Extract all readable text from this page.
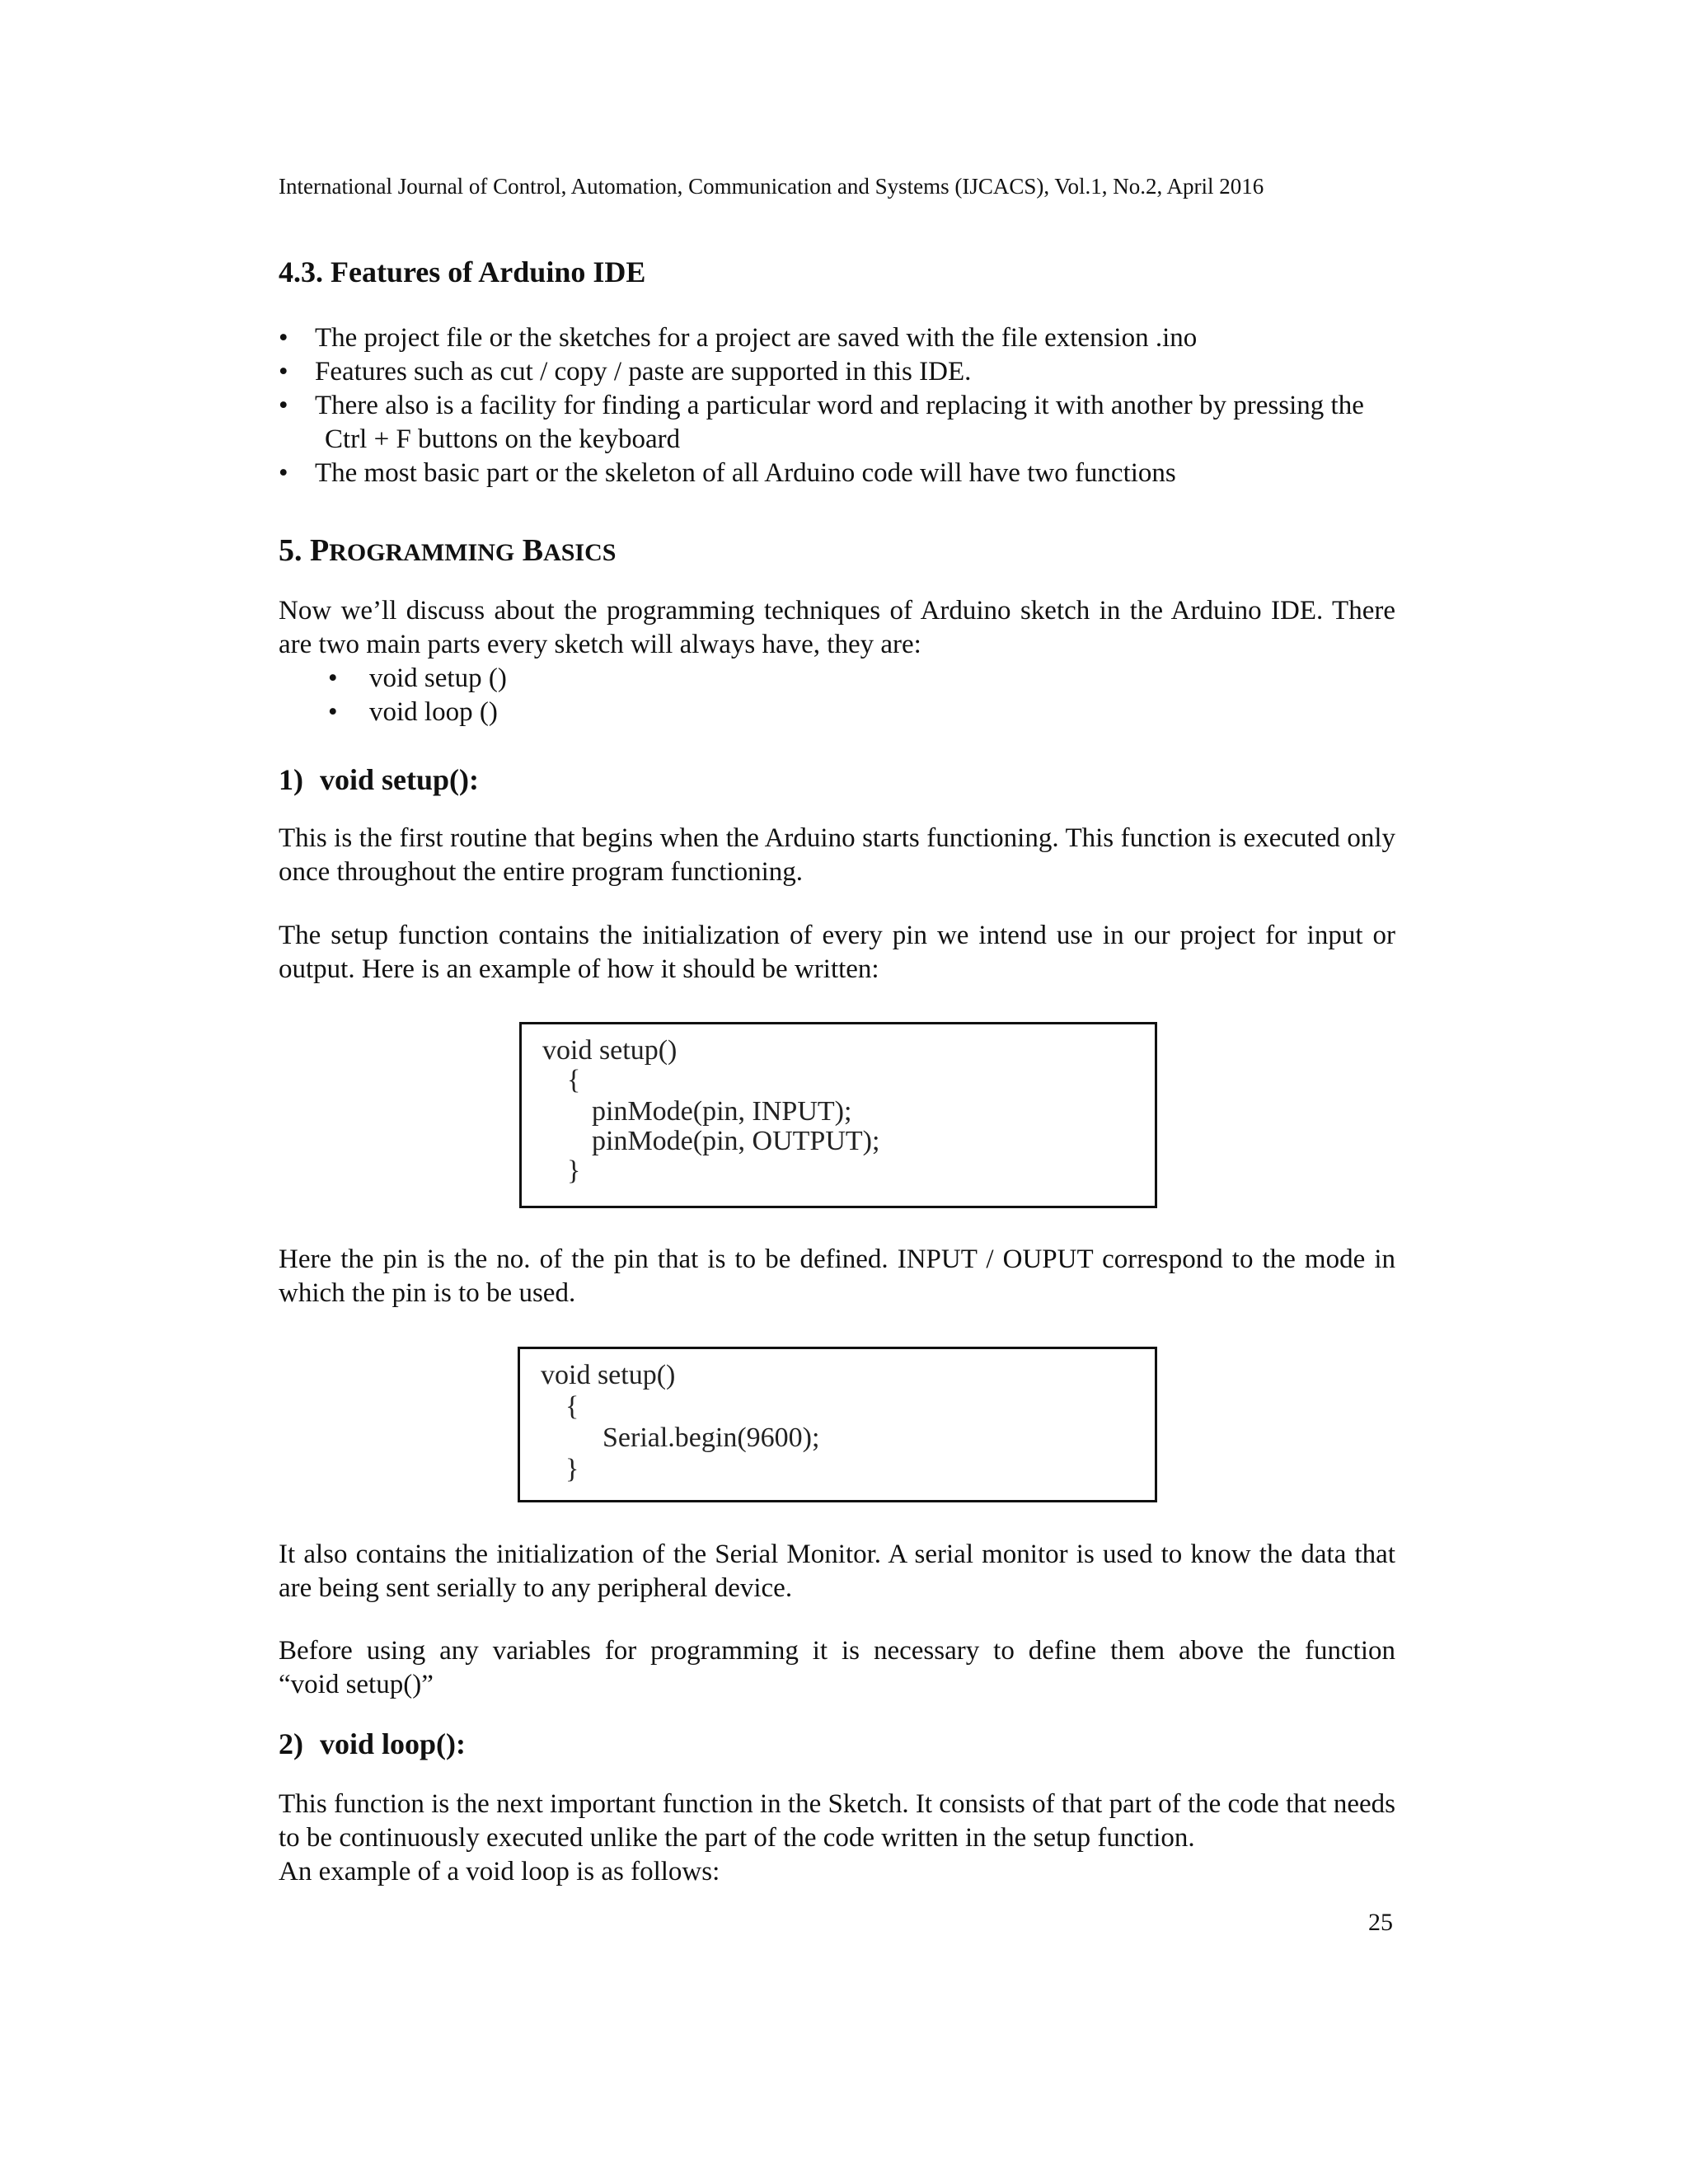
International Journal of Control, Automation, Communication and Systems (IJCACS), Vol.1, No.2, April 2016
4.3. Features of Arduino IDE
• The project file or the sketches for a project are saved with the file extension .ino
• Features such as cut / copy / paste are supported in this IDE.
• There also is a facility for finding a particular word and replacing it with another by pressing the
Ctrl + F buttons on the keyboard
• The most basic part or the skeleton of all Arduino code will have two functions
5. PROGRAMMING BASICS
Now we’ll discuss about the programming techniques of Arduino sketch in the Arduino IDE. There
are two main parts every sketch will always have, they are:
• void setup ()
• void loop ()
1) void setup():
This is the first routine that begins when the Arduino starts functioning. This function is executed only once throughout the entire program functioning.
The setup function contains the initialization of every pin we intend use in our project for input or output. Here is an example of how it should be written:
void setup()
{
pinMode(pin, INPUT);
pinMode(pin, OUTPUT);
}
Here the pin is the no. of the pin that is to be defined. INPUT / OUPUT correspond to the mode in which the pin is to be used.
void setup()
{
Serial.begin(9600);
}
It also contains the initialization of the Serial Monitor. A serial monitor is used to know the data that are being sent serially to any peripheral device.
Before using any variables for programming it is necessary to define them above the function
“void setup()”
2) void loop():
This function is the next important function in the Sketch. It consists of that part of the code that needs to be continuously executed unlike the part of the code written in the setup function.
An example of a void loop is as follows:
25
